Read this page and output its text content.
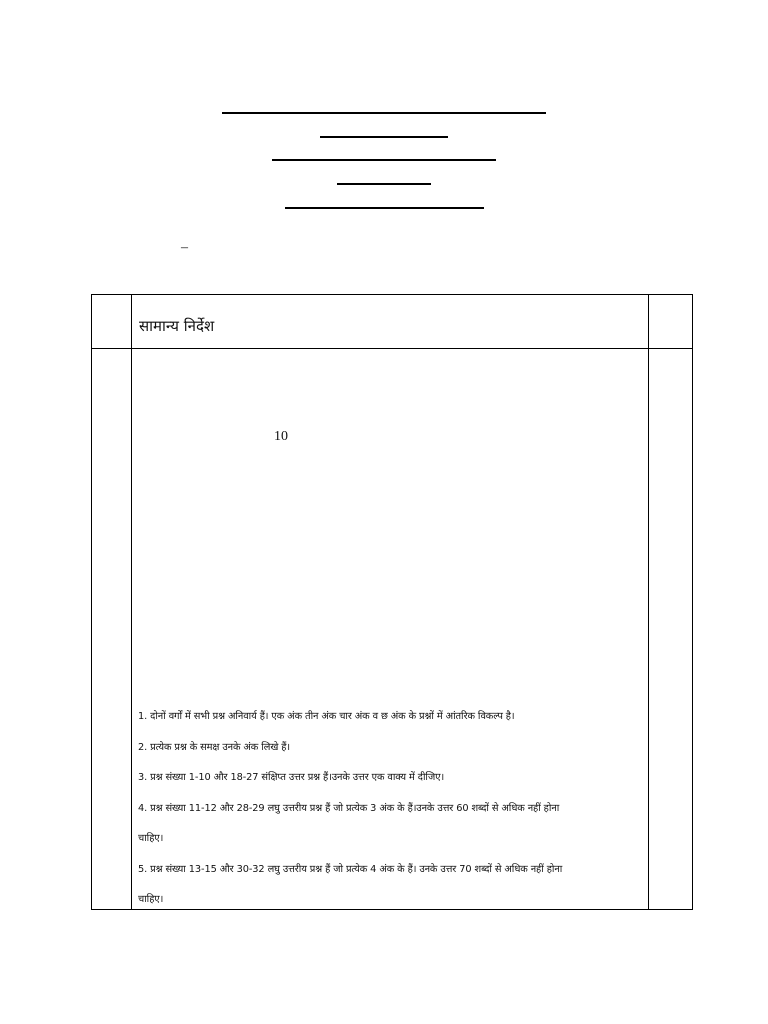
–
सामान्य निर्देश
10
1. दोनों वर्गों में सभी प्रश्न अनिवार्य हैं। एक अंक तीन अंक चार अंक व छ अंक के प्रश्नों में आंतरिक विकल्प है।
2. प्रत्येक प्रश्न के समक्ष उनके अंक लिखे हैं।
3. प्रश्न संख्या 1-10 और 18-27 संक्षिप्त उत्तर प्रश्न हैं।उनके उत्तर एक वाक्य में दीजिए।
4. प्रश्न संख्या 11-12 और 28-29 लघु उत्तरीय प्रश्न हैं जो प्रत्येक 3 अंक के हैं।उनके उत्तर 60 शब्दों से अधिक नहीं होना
चाहिए।
5. प्रश्न संख्या 13-15 और 30-32 लघु उत्तरीय प्रश्न हैं जो प्रत्येक 4 अंक के हैं। उनके उत्तर 70 शब्दों से अधिक नहीं होना
चाहिए।
